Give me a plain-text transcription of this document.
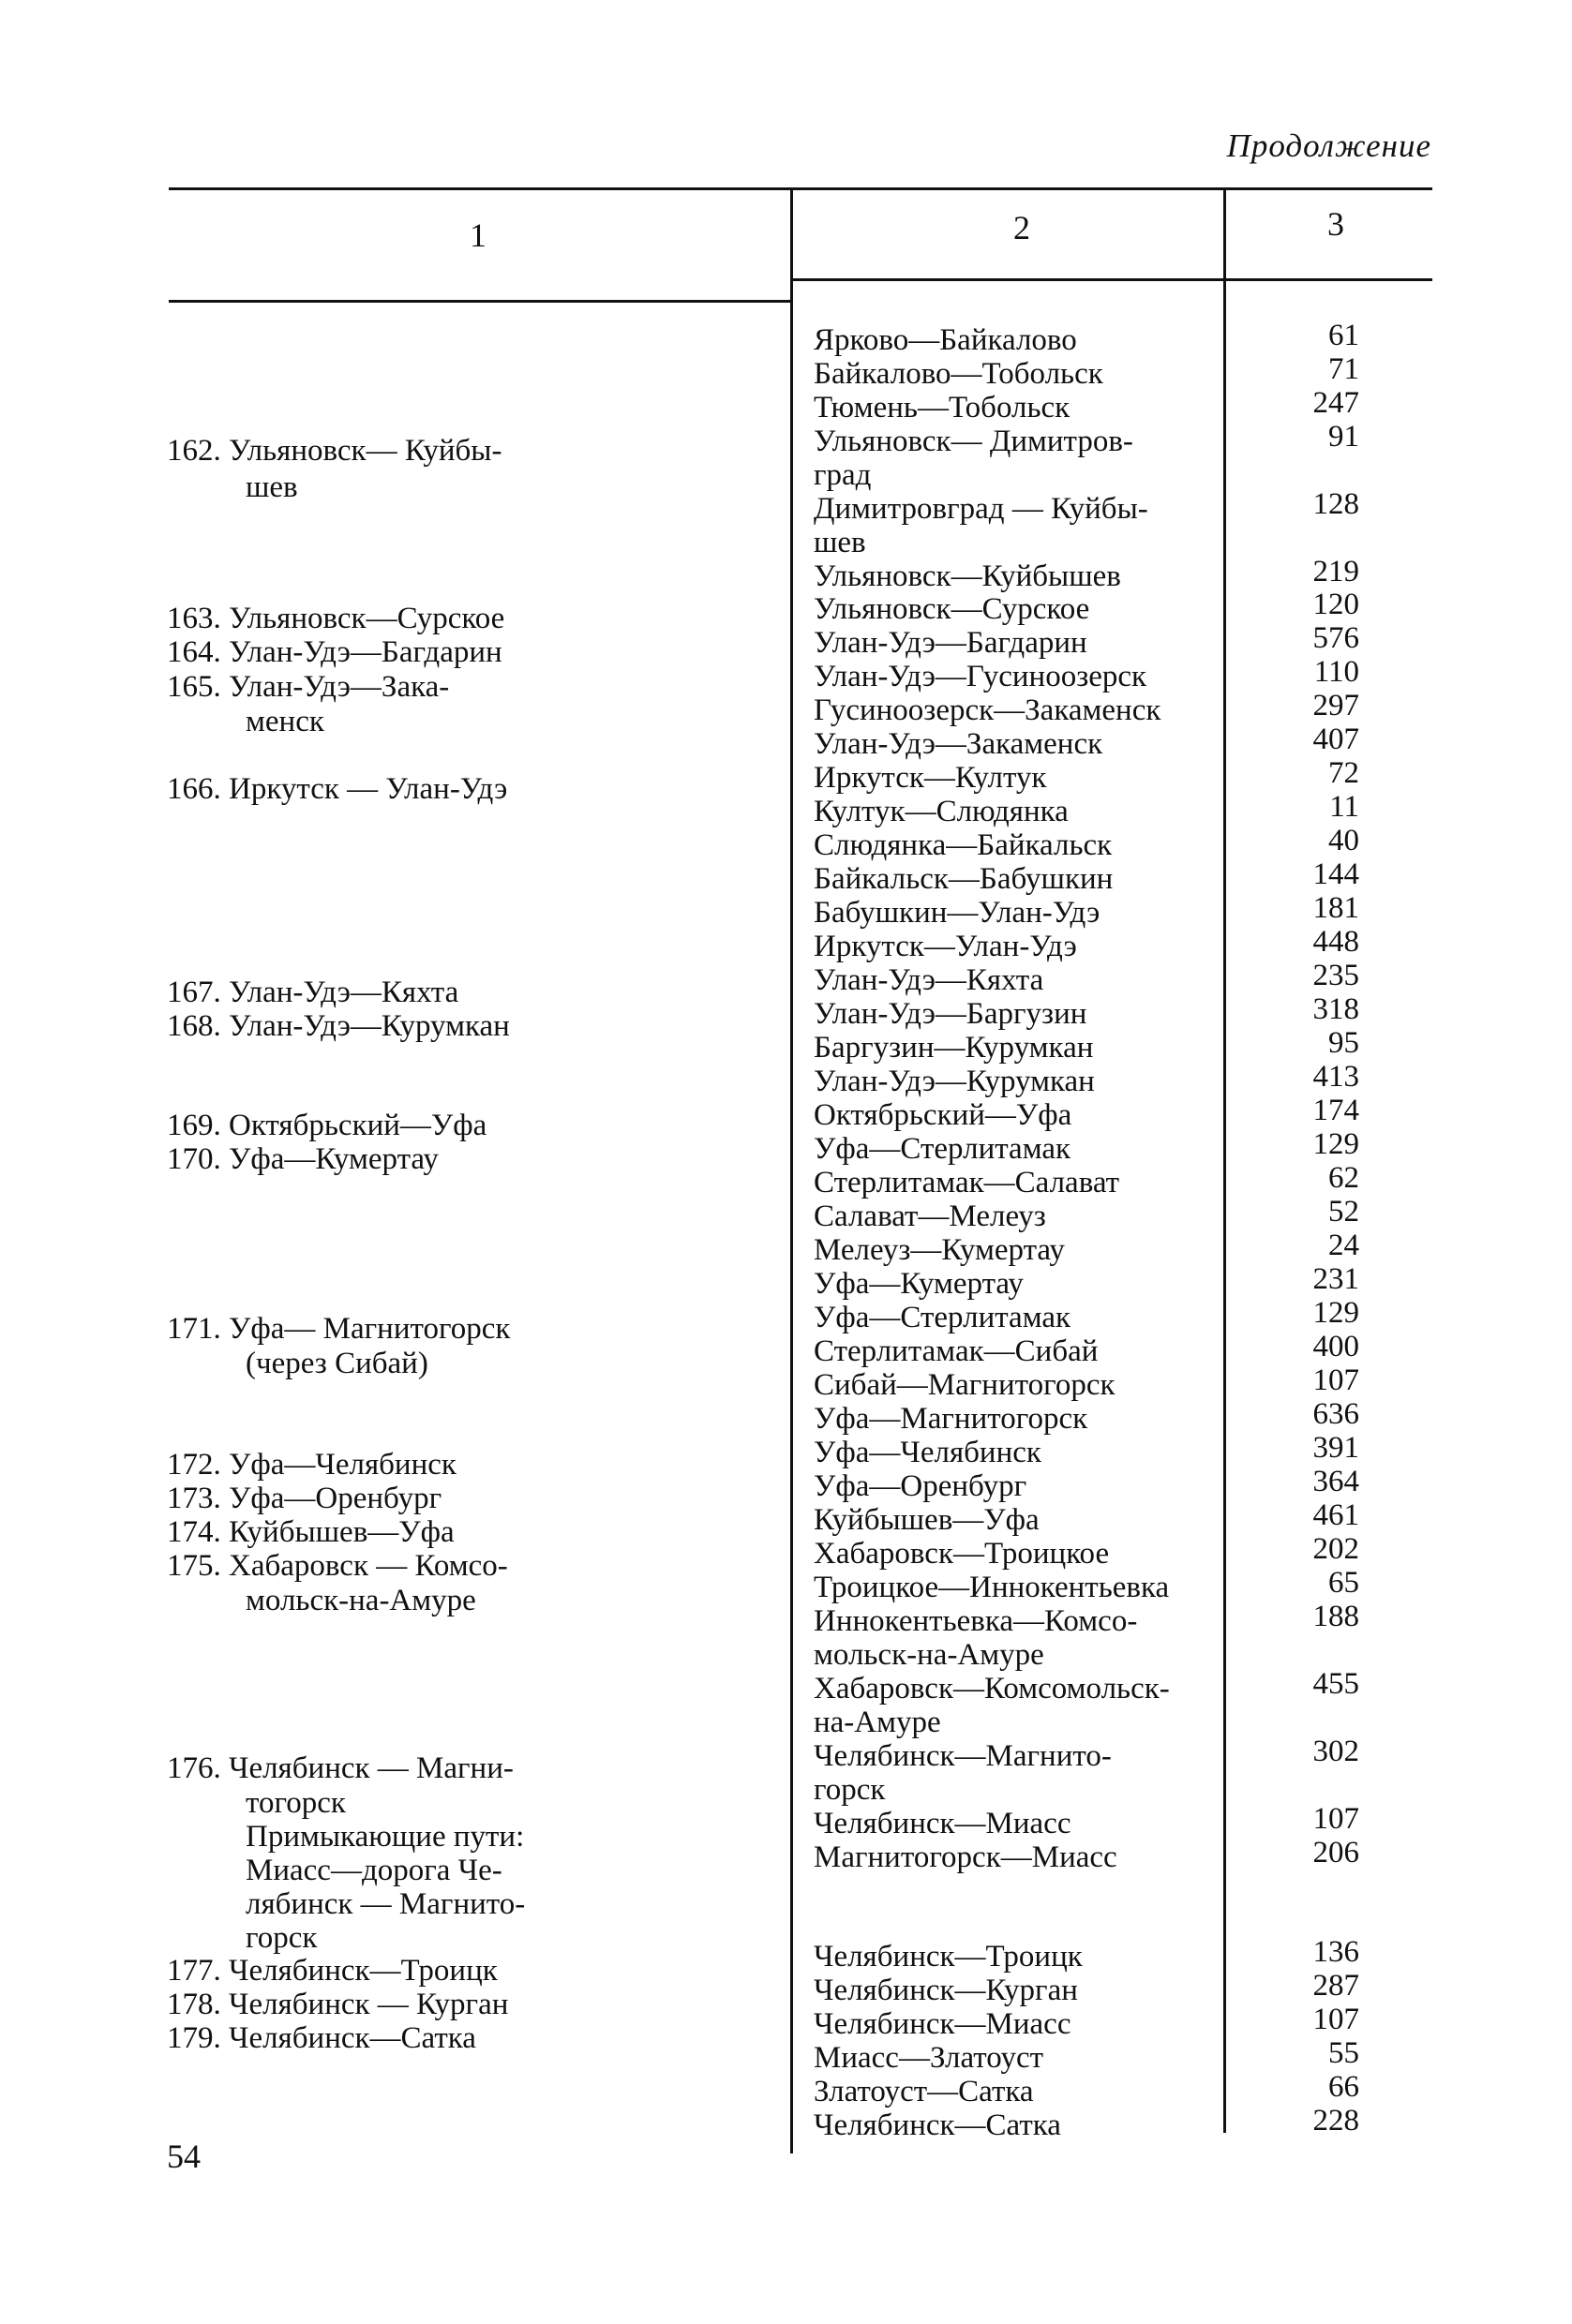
Продолжение
1	2	3
162. Ульяновск— Куйбы-
шев
163. Ульяновск—Сурское
164. Улан-Удэ—Багдарин
165. Улан-Удэ—Зака-
менск
166. Иркутск — Улан-Удэ
167. Улан-Удэ—Кяхта
168. Улан-Удэ—Курумкан
169. Октябрьский—Уфа
170. Уфа—Кумертау
171. Уфа— Магнитогорск
(через Сибай)
172. Уфа—Челябинск
173. Уфа—Оренбург
174. Куйбышев—Уфа
175. Хабаровск — Комсо-
мольск-на-Амуре
176. Челябинск — Магни-
тогорск
Примыкающие пути:
Миасс—дорога Че-
лябинск — Магнито-
горск
177. Челябинск—Троицк
178. Челябинск — Курган
179. Челябинск—Сатка
Ярково—Байкалово
Байкалово—Тобольск
Тюмень—Тобольск
Ульяновск— Димитров-
град
Димитровград — Куйбы-
шев
Ульяновск—Куйбышев
Ульяновск—Сурское
Улан-Удэ—Багдарин
Улан-Удэ—Гусиноозерск
Гусиноозерск—Закаменск
Улан-Удэ—Закаменск
Иркутск—Култук
Култук—Слюдянка
Слюдянка—Байкальск
Байкальск—Бабушкин
Бабушкин—Улан-Удэ
Иркутск—Улан-Удэ
Улан-Удэ—Кяхта
Улан-Удэ—Баргузин
Баргузин—Курумкан
Улан-Удэ—Курумкан
Октябрьский—Уфа
Уфа—Стерлитамак
Стерлитамак—Салават
Салават—Мелеуз
Мелеуз—Кумертау
Уфа—Кумертау
Уфа—Стерлитамак
Стерлитамак—Сибай
Сибай—Магнитогорск
Уфа—Магнитогорск
Уфа—Челябинск
Уфа—Оренбург
Куйбышев—Уфа
Хабаровск—Троицкое
Троицкое—Иннокентьевка
Иннокентьевка—Комсо-
мольск-на-Амуре
Хабаровск—Комсомольск-
на-Амуре
Челябинск—Магнито-
горск
Челябинск—Миасс
Магнитогорск—Миасс
Челябинск—Троицк
Челябинск—Курган
Челябинск—Миасс
Миасс—Златоуст
Златоуст—Сатка
Челябинск—Сатка
61
71
247
91
128
219
120
576
110
297
407
72
11
40
144
181
448
235
318
95
413
174
129
62
52
24
231
129
400
107
636
391
364
461
202
65
188
455
302
107
206
136
287
107
55
66
228
54
